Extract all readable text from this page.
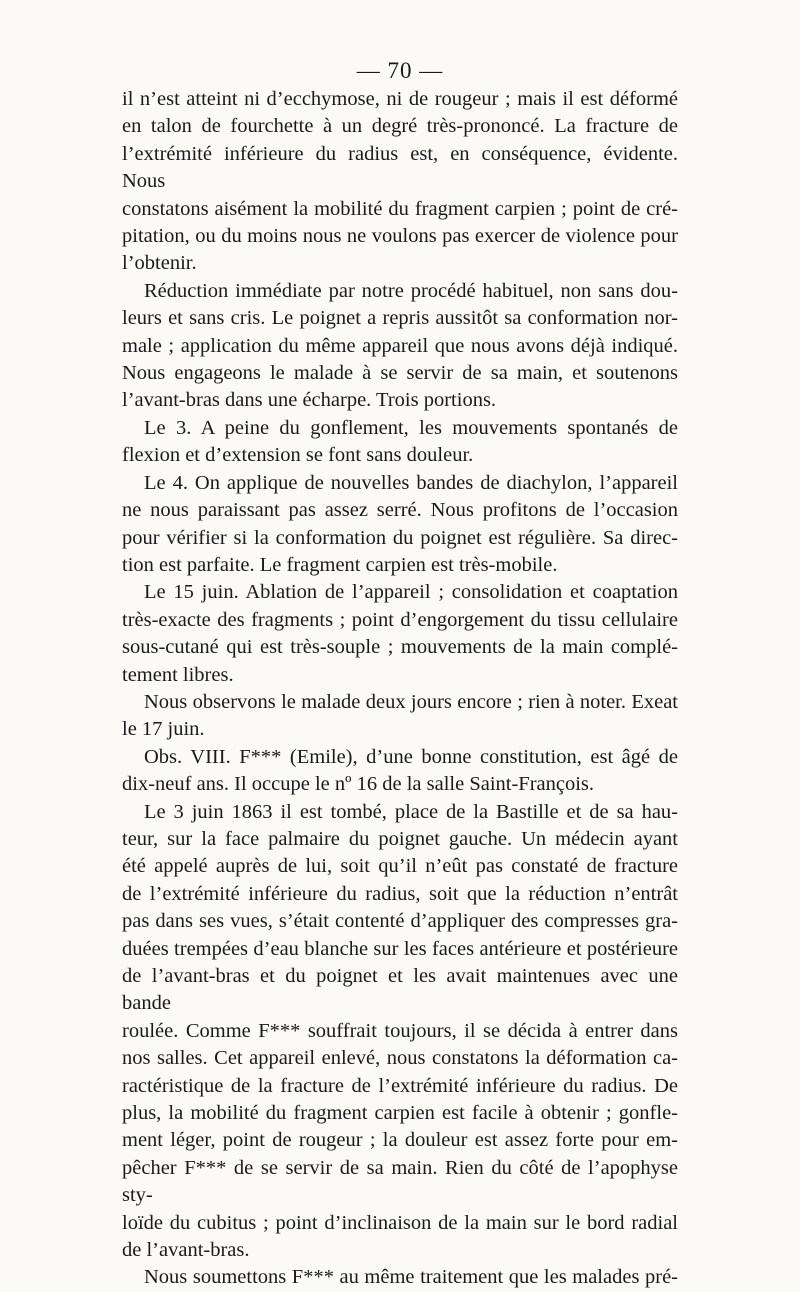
— 70 —

il n’est atteint ni d’ecchymose, ni de rougeur ; mais il est déformé

en talon de fourchette à un degré très-prononcé. La fracture de

l’extrémité inférieure du radius est, en conséquence, évidente. Nous

constatons aisément la mobilité du fragment carpien ; point de cré-

pitation, ou du moins nous ne voulons pas exercer de violence pour

l’obtenir.

Réduction immédiate par notre procédé habituel, non sans dou-

leurs et sans cris. Le poignet a repris aussitôt sa conformation nor-

male ; application du même appareil que nous avons déjà indiqué.

Nous engageons le malade à se servir de sa main, et soutenons

l’avant-bras dans une écharpe. Trois portions.

Le 3. A peine du gonflement, les mouvements spontanés de

flexion et d’extension se font sans douleur.

Le 4. On applique de nouvelles bandes de diachylon, l’appareil

ne nous paraissant pas assez serré. Nous profitons de l’occasion

pour vérifier si la conformation du poignet est régulière. Sa direc-

tion est parfaite. Le fragment carpien est très-mobile.

Le 15 juin. Ablation de l’appareil ; consolidation et coaptation

très-exacte des fragments ; point d’engorgement du tissu cellulaire

sous-cutané qui est très-souple ; mouvements de la main complé-

tement libres.

Nous observons le malade deux jours encore ; rien à noter. Exeat

le 17 juin.

Obs. VIII. F*** (Emile), d’une bonne constitution, est âgé de

dix-neuf ans. Il occupe le nº 16 de la salle Saint-François.

Le 3 juin 1863 il est tombé, place de la Bastille et de sa hau-

teur, sur la face palmaire du poignet gauche. Un médecin ayant

été appelé auprès de lui, soit qu’il n’eût pas constaté de fracture

de l’extrémité inférieure du radius, soit que la réduction n’entrât

pas dans ses vues, s’était contenté d’appliquer des compresses gra-

duées trempées d’eau blanche sur les faces antérieure et postérieure

de l’avant-bras et du poignet et les avait maintenues avec une bande

roulée. Comme F*** souffrait toujours, il se décida à entrer dans

nos salles. Cet appareil enlevé, nous constatons la déformation ca-

ractéristique de la fracture de l’extrémité inférieure du radius. De

plus, la mobilité du fragment carpien est facile à obtenir ; gonfle-

ment léger, point de rougeur ; la douleur est assez forte pour em-

pêcher F*** de se servir de sa main. Rien du côté de l’apophyse sty-

loïde du cubitus ; point d’inclinaison de la main sur le bord radial

de l’avant-bras.

Nous soumettons F*** au même traitement que les malades pré-
